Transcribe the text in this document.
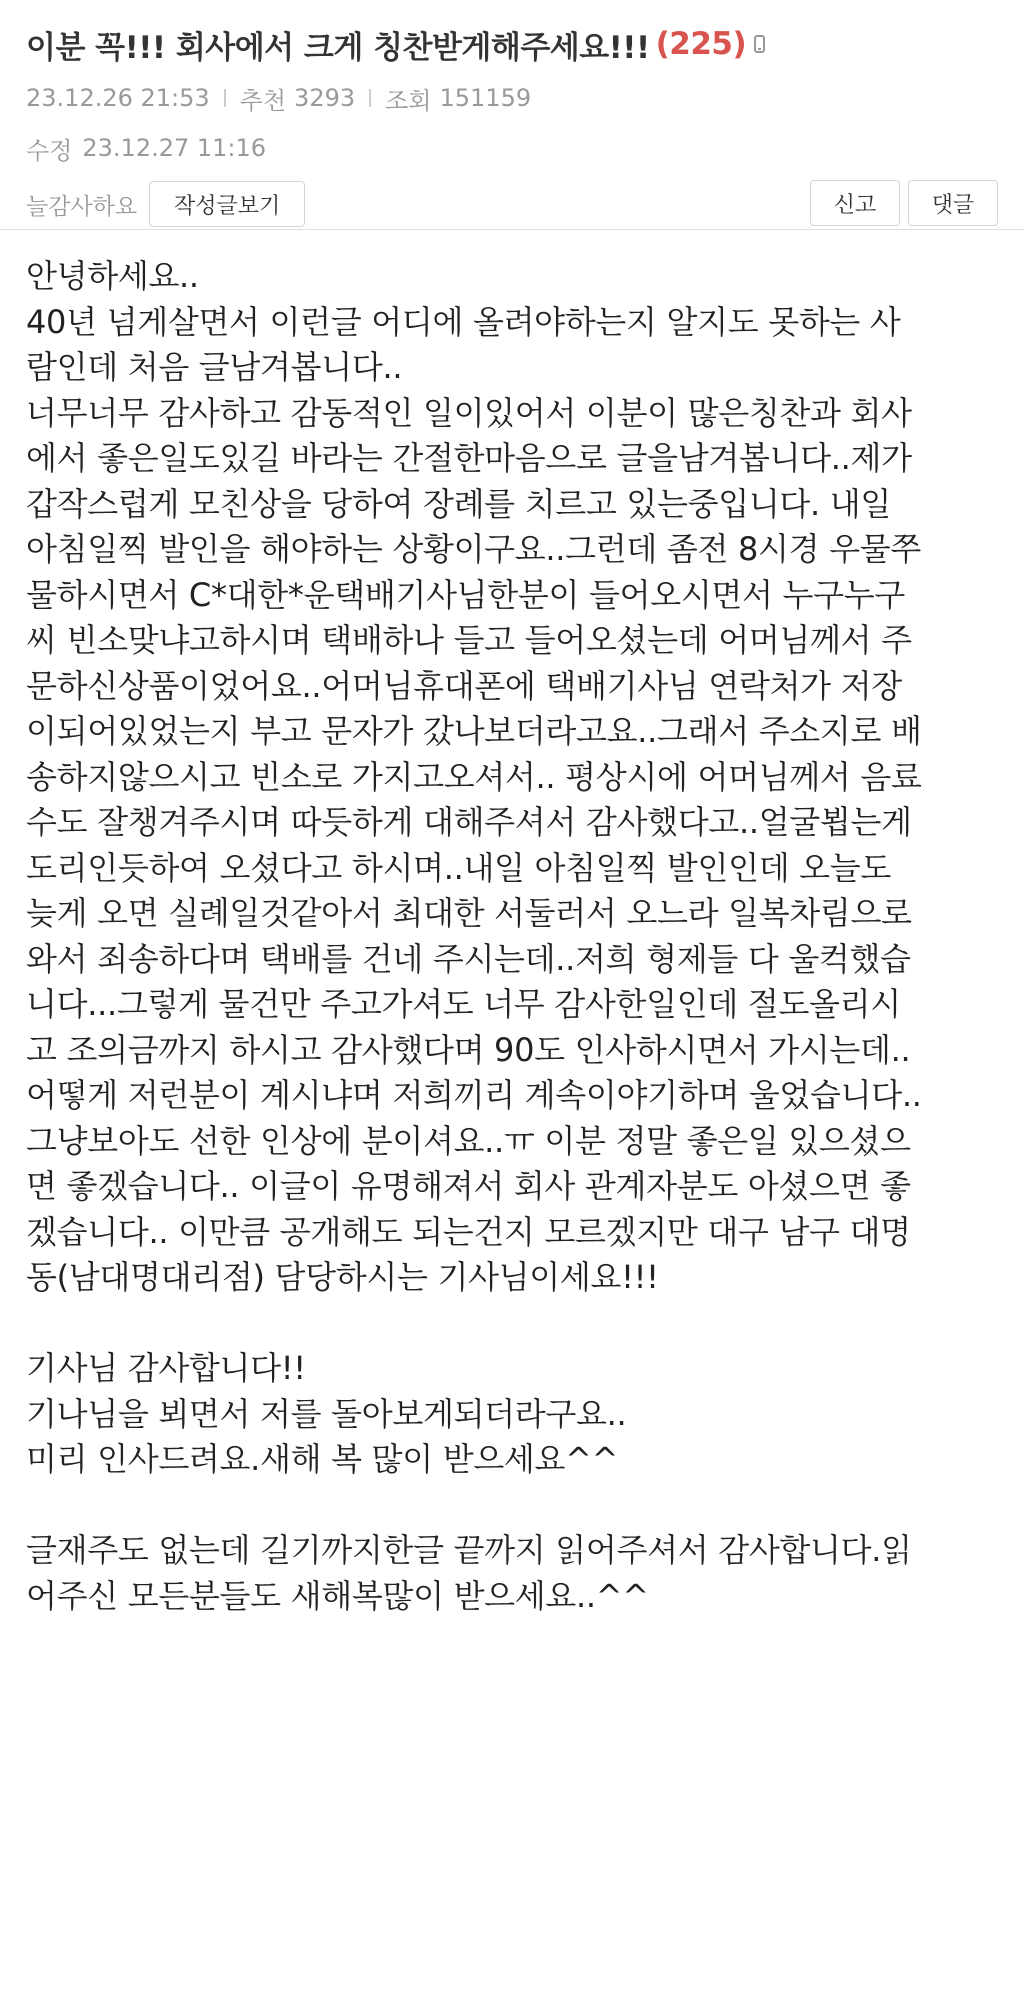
이분 꼭!!! 회사에서 크게 칭찬받게해주세요!!! (225)
23.12.26 21:53 추천 3293 조회 151159
수정 23.12.27 11:16
늘감사하요	작성글보기	신고	댓글

안녕하세요..

40년 넘게살면서 이런글 어디에 올려야하는지 알지도 못하는 사

람인데 처음 글남겨봅니다..

너무너무 감사하고 감동적인 일이있어서 이분이 많은칭찬과 회사

에서 좋은일도있길 바라는 간절한마음으로 글을남겨봅니다..제가

갑작스럽게 모친상을 당하여 장례를 치르고 있는중입니다. 내일

아침일찍 발인을 해야하는 상황이구요..그런데 좀전 8시경 우물쭈

물하시면서 C*대한*운택배기사님한분이 들어오시면서 누구누구

씨 빈소맞냐고하시며 택배하나 들고 들어오셨는데 어머님께서 주

문하신상품이었어요..어머님휴대폰에 택배기사님 연락처가 저장

이되어있었는지 부고 문자가 갔나보더라고요..그래서 주소지로 배

송하지않으시고 빈소로 가지고오셔서.. 평상시에 어머님께서 음료

수도 잘챙겨주시며 따듯하게 대해주셔서 감사했다고..얼굴뵙는게

도리인듯하여 오셨다고 하시며..내일 아침일찍 발인인데 오늘도

늦게 오면 실례일것같아서 최대한 서둘러서 오느라 일복차림으로

와서 죄송하다며 택배를 건네 주시는데..저희 형제들 다 울컥했습

니다...그렇게 물건만 주고가셔도 너무 감사한일인데 절도올리시

고 조의금까지 하시고 감사했다며 90도 인사하시면서 가시는데..

어떻게 저런분이 계시냐며 저희끼리 계속이야기하며 울었습니다..

그냥보아도 선한 인상에 분이셔요..ㅠ 이분 정말 좋은일 있으셨으

면 좋겠습니다.. 이글이 유명해져서 회사 관계자분도 아셨으면 좋

겠습니다.. 이만큼 공개해도 되는건지 모르겠지만 대구 남구 대명

동(남대명대리점) 담당하시는 기사님이세요!!!

기사님 감사합니다!!

기나님을 뵈면서 저를 돌아보게되더라구요..

미리 인사드려요.새해 복 많이 받으세요^^

글재주도 없는데 길기까지한글 끝까지 읽어주셔서 감사합니다.읽

어주신 모든분들도 새해복많이 받으세요..^^
